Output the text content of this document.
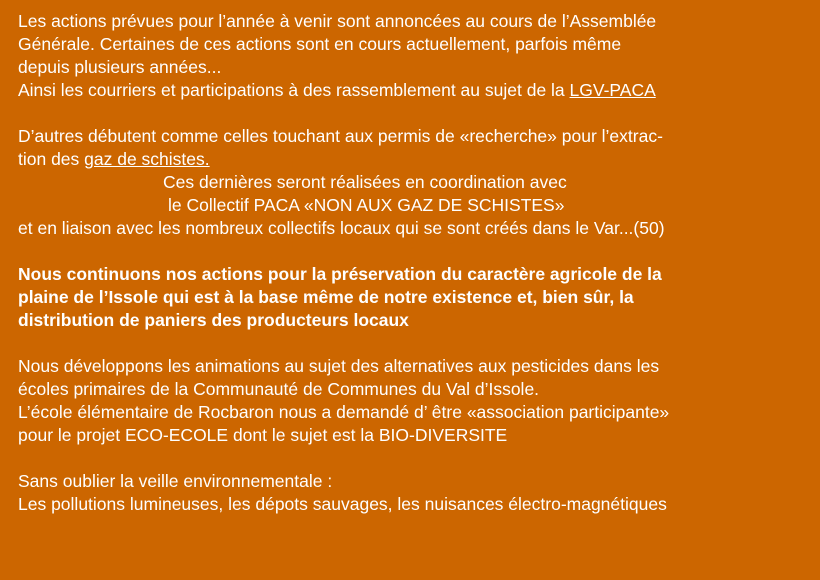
Les actions prévues pour l’année à venir sont annoncées au cours de l’Assemblée
Générale. Certaines de ces actions sont en cours actuellement, parfois même
depuis plusieurs années...
Ainsi les courriers et participations à des rassemblement au sujet de la LGV-PACA
D’autres débutent comme celles touchant aux permis de «recherche» pour l’extrac-
tion des gaz de schistes.
Ces dernières seront réalisées en coordination avec
le Collectif PACA «NON AUX GAZ DE SCHISTES»
et en liaison avec les nombreux collectifs locaux qui se sont créés dans le Var...(50)
Nous continuons nos actions pour la préservation du caractère agricole de la
plaine de l’Issole qui est à la base même de notre existence et, bien sûr, la
distribution de paniers des producteurs locaux
Nous développons les animations au sujet des alternatives aux pesticides dans les
écoles primaires de la Communauté de Communes du Val d’Issole.
L’école élémentaire de Rocbaron nous a demandé d’ être «association participante»
pour le projet ECO-ECOLE dont le sujet est la BIO-DIVERSITE
Sans oublier la veille environnementale :
Les pollutions lumineuses, les dépots sauvages, les nuisances électro-magnétiques
